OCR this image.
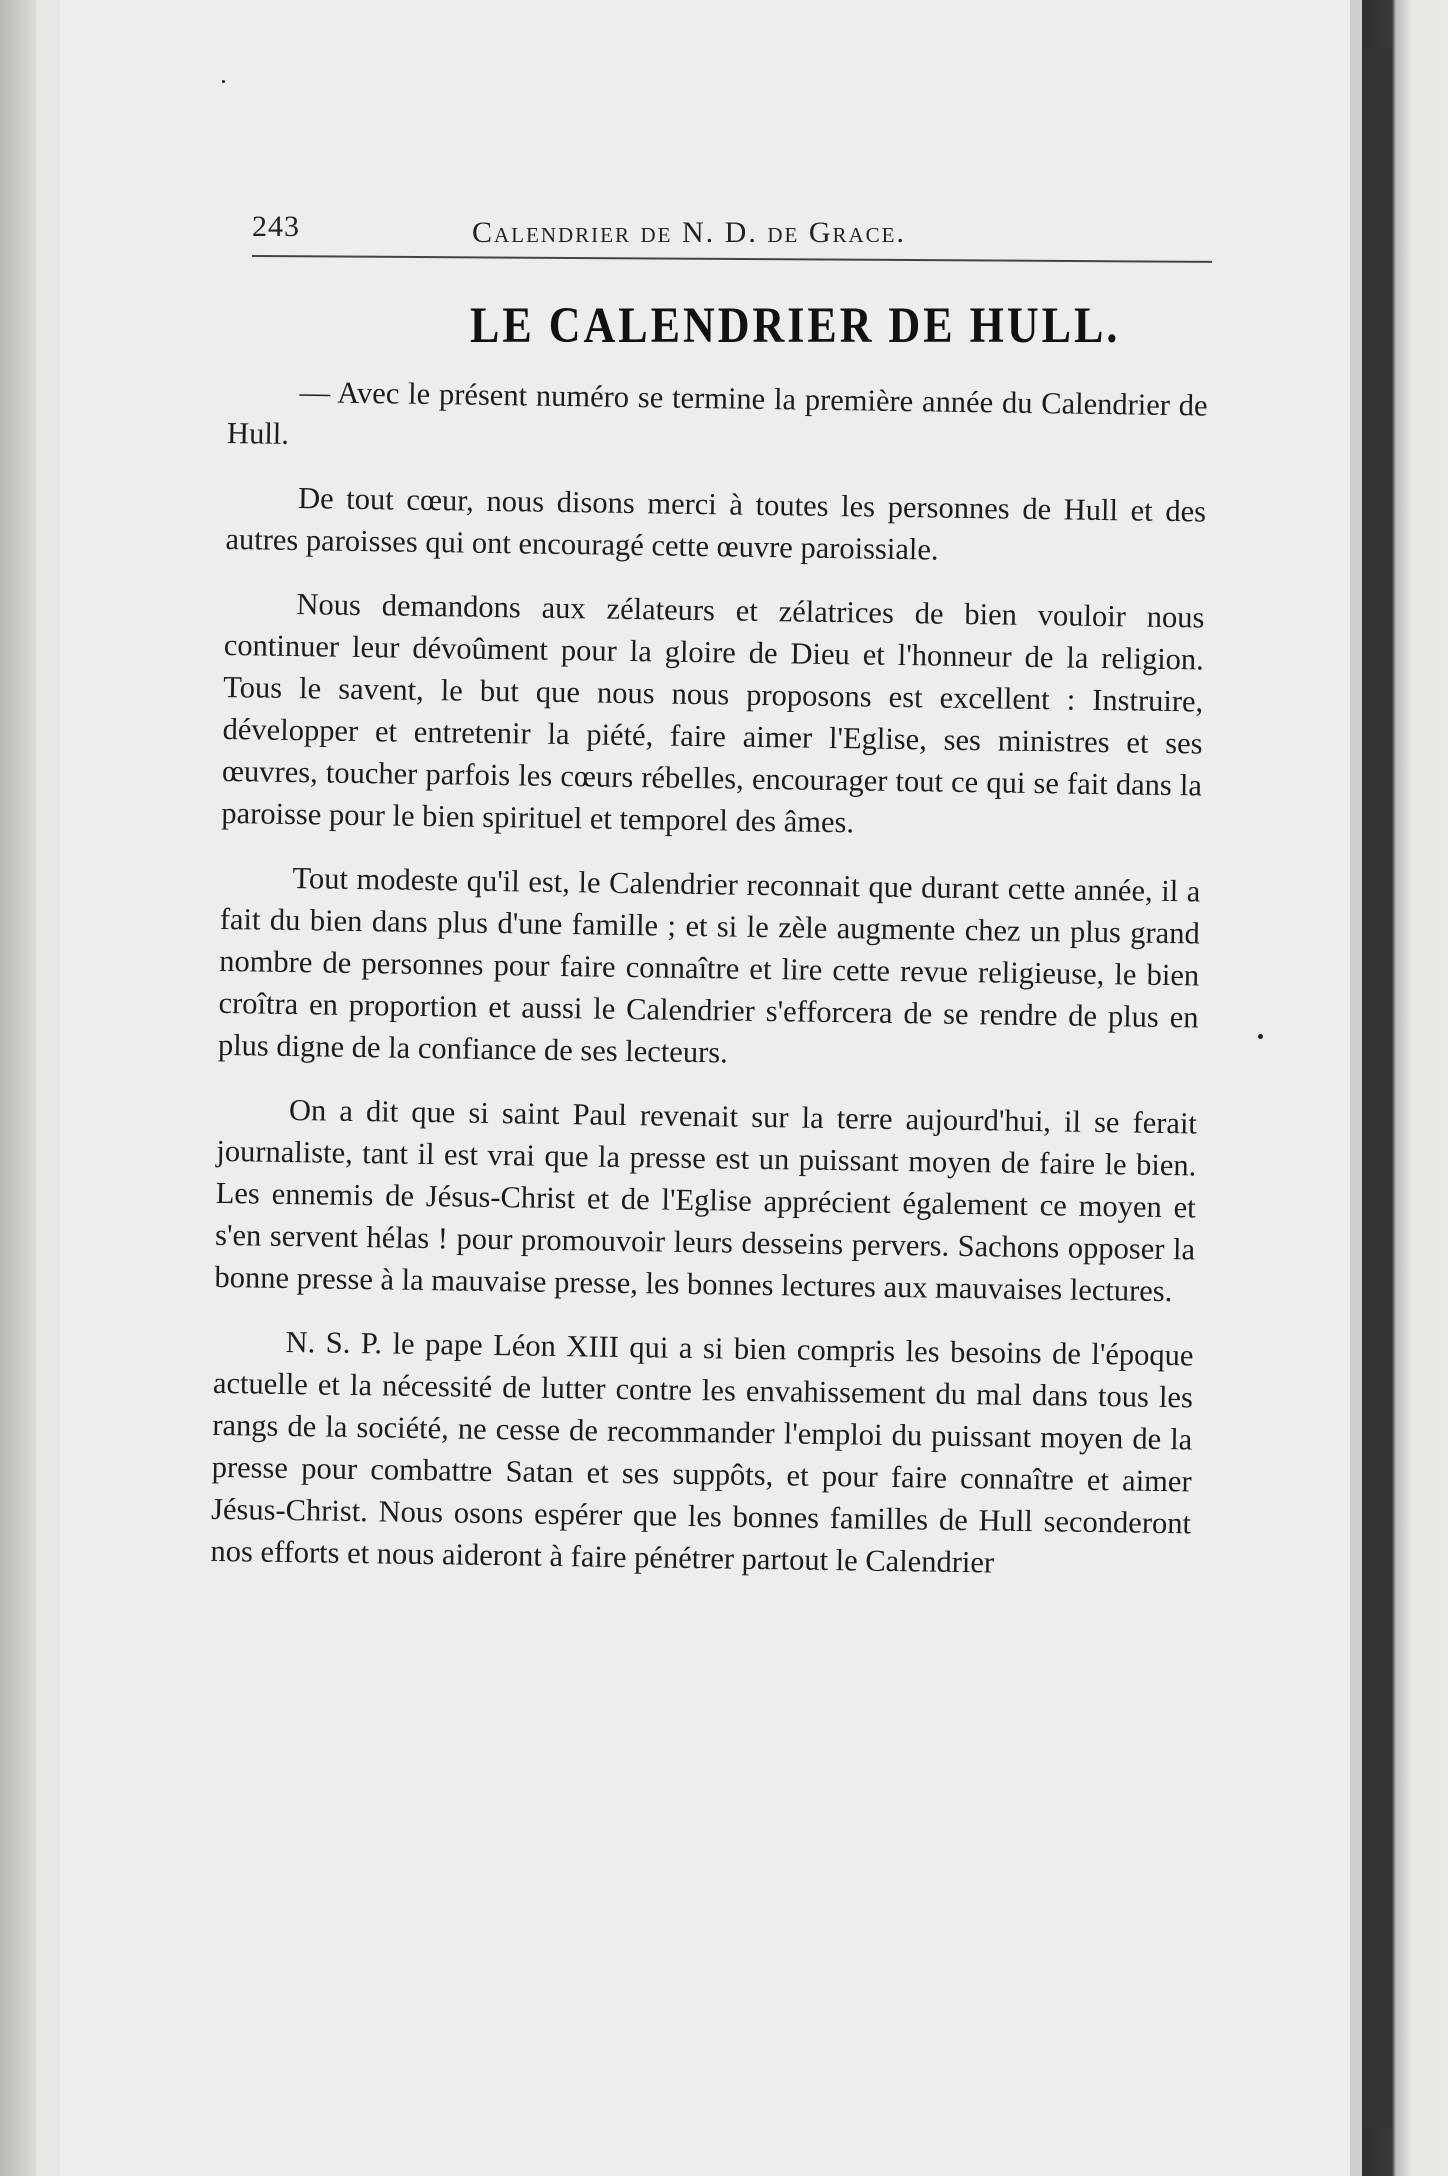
243	Calendrier de N. D. de Grace.
LE CALENDRIER DE HULL.

— Avec le présent numéro se termine la première année du Calendrier de Hull.

De tout cœur, nous disons merci à toutes les personnes de Hull et des autres paroisses qui ont encouragé cette œuvre paroissiale.

Nous demandons aux zélateurs et zélatrices de bien vouloir nous continuer leur dévoûment pour la gloire de Dieu et l'honneur de la religion. Tous le savent, le but que nous nous proposons est excellent : Instruire, développer et entretenir la piété, faire aimer l'Eglise, ses ministres et ses œuvres, toucher parfois les cœurs rébelles, encourager tout ce qui se fait dans la paroisse pour le bien spirituel et temporel des âmes.

Tout modeste qu'il est, le Calendrier reconnait que durant cette année, il a fait du bien dans plus d'une famille ; et si le zèle augmente chez un plus grand nombre de personnes pour faire connaître et lire cette revue religieuse, le bien croîtra en proportion et aussi le Calendrier s'efforcera de se rendre de plus en plus digne de la confiance de ses lecteurs.

On a dit que si saint Paul revenait sur la terre aujourd'hui, il se ferait journaliste, tant il est vrai que la presse est un puissant moyen de faire le bien. Les ennemis de Jésus-Christ et de l'Eglise apprécient également ce moyen et s'en servent hélas ! pour promouvoir leurs desseins pervers. Sachons opposer la bonne presse à la mauvaise presse, les bonnes lectures aux mauvaises lectures.

N. S. P. le pape Léon XIII qui a si bien compris les besoins de l'époque actuelle et la nécessité de lutter contre les envahissement du mal dans tous les rangs de la société, ne cesse de recommander l'emploi du puissant moyen de la presse pour combattre Satan et ses suppôts, et pour faire connaître et aimer Jésus-Christ. Nous osons espérer que les bonnes familles de Hull seconderont nos efforts et nous aideront à faire pénétrer partout le Calendrier
